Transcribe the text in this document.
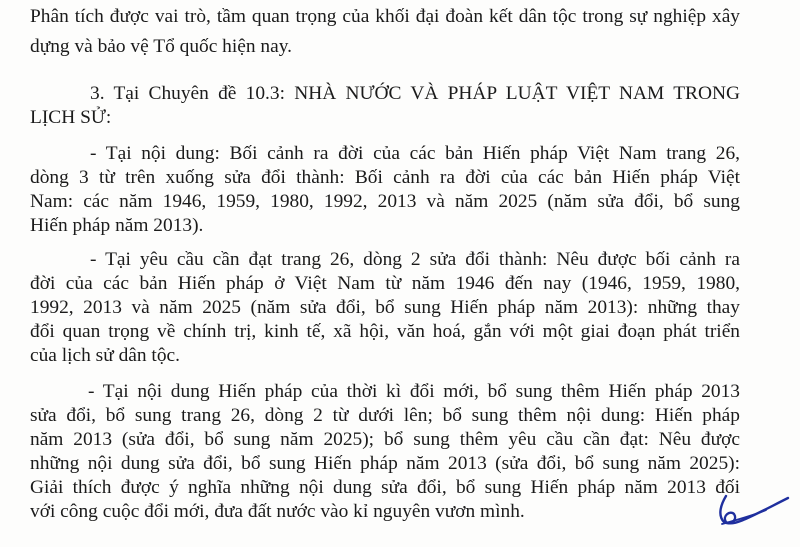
Phân tích được vai trò, tầm quan trọng của khối đại đoàn kết dân tộc trong sự nghiệp xây
dựng và bảo vệ Tổ quốc hiện nay.
3. Tại Chuyên đề 10.3: NHÀ NƯỚC VÀ PHÁP LUẬT VIỆT NAM TRONG
LỊCH SỬ:
- Tại nội dung: Bối cảnh ra đời của các bản Hiến pháp Việt Nam trang 26,
dòng 3 từ trên xuống sửa đổi thành: Bối cảnh ra đời của các bản Hiến pháp Việt
Nam: các năm 1946, 1959, 1980, 1992, 2013 và năm 2025 (năm sửa đổi, bổ sung
Hiến pháp năm 2013).
- Tại yêu cầu cần đạt trang 26, dòng 2 sửa đổi thành: Nêu được bối cảnh ra
đời của các bản Hiến pháp ở Việt Nam từ năm 1946 đến nay (1946, 1959, 1980,
1992, 2013 và năm 2025 (năm sửa đổi, bổ sung Hiến pháp năm 2013): những thay
đổi quan trọng về chính trị, kinh tế, xã hội, văn hoá, gắn với một giai đoạn phát triển
của lịch sử dân tộc.
- Tại nội dung Hiến pháp của thời kì đổi mới, bổ sung thêm Hiến pháp 2013
sửa đổi, bổ sung trang 26, dòng 2 từ dưới lên; bổ sung thêm nội dung: Hiến pháp
năm 2013 (sửa đổi, bổ sung năm 2025); bổ sung thêm yêu cầu cần đạt: Nêu được
những nội dung sửa đổi, bổ sung Hiến pháp năm 2013 (sửa đổi, bổ sung năm 2025):
Giải thích được ý nghĩa những nội dung sửa đổi, bổ sung Hiến pháp năm 2013 đối
với công cuộc đổi mới, đưa đất nước vào kỉ nguyên vươn mình.
